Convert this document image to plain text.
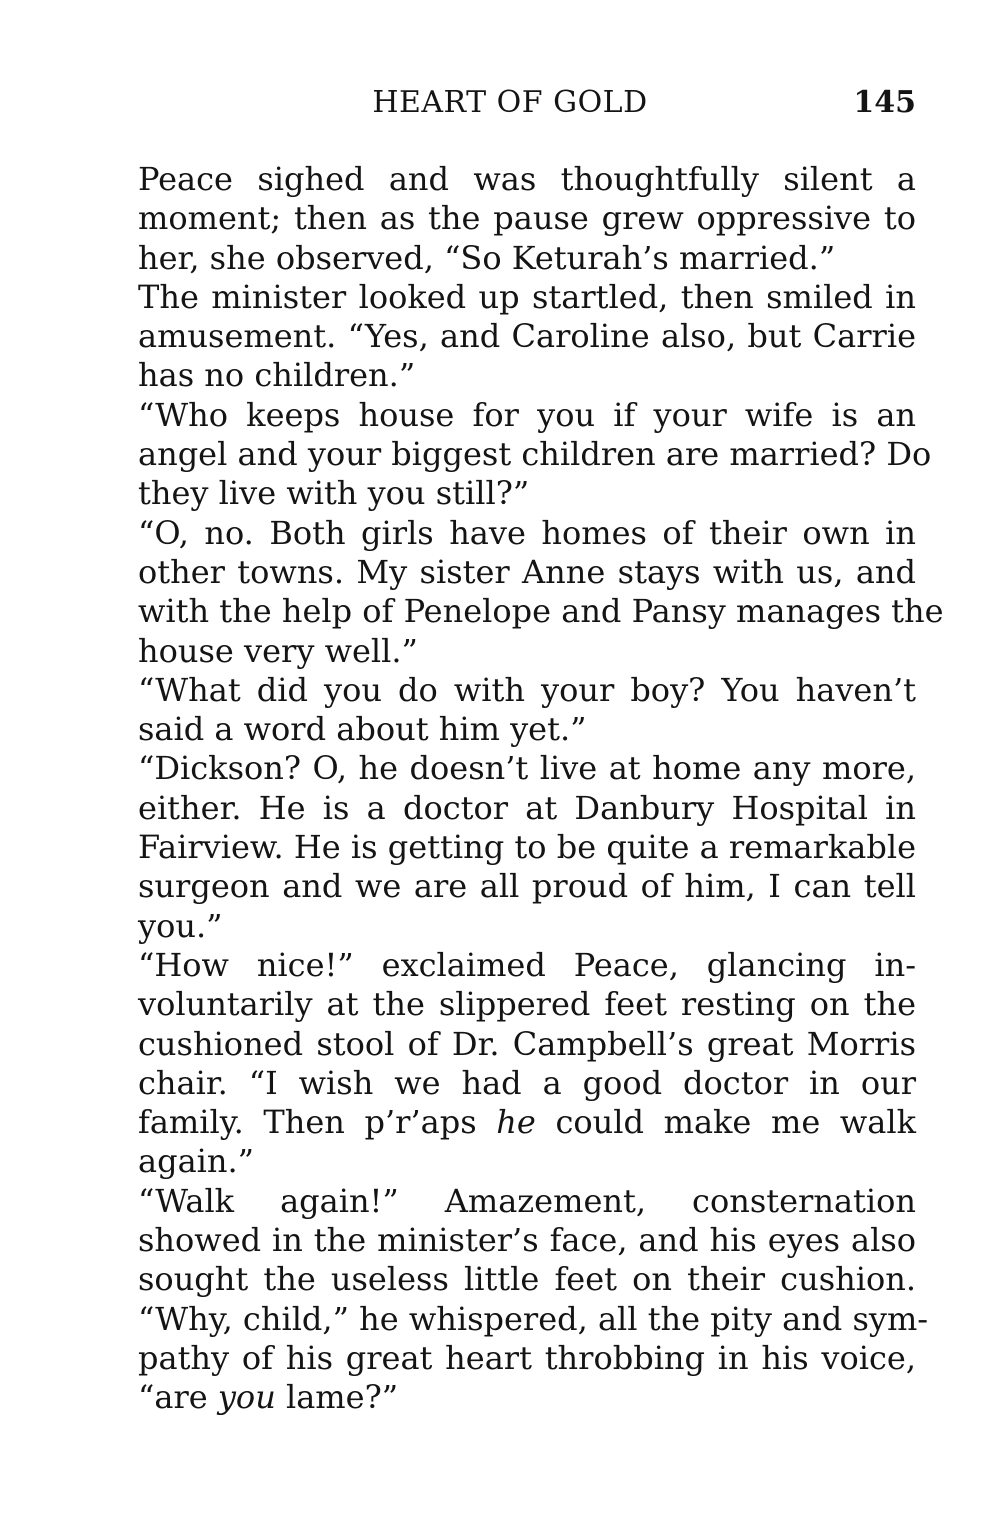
HEART OF GOLD	145

Peace sighed and was thoughtfully silent a
moment; then as the pause grew oppressive to
her, she observed, “So Keturah’s married.”

The minister looked up startled, then smiled in
amusement. “Yes, and Caroline also, but Carrie
has no children.”

“Who keeps house for you if your wife is an
angel and your biggest children are married? Do
they live with you still?”

“O, no. Both girls have homes of their own in
other towns. My sister Anne stays with us, and
with the help of Penelope and Pansy manages the
house very well.”

“What did you do with your boy? You haven’t
said a word about him yet.”

“Dickson? O, he doesn’t live at home any more,
either. He is a doctor at Danbury Hospital in
Fairview. He is getting to be quite a remarkable
surgeon and we are all proud of him, I can tell
you.”

“How nice!” exclaimed Peace, glancing in-
voluntarily at the slippered feet resting on the
cushioned stool of Dr. Campbell’s great Morris
chair. “I wish we had a good doctor in our
family. Then p’r’aps he could make me walk
again.”

“Walk again!” Amazement, consternation
showed in the minister’s face, and his eyes also
sought the useless little feet on their cushion.
“Why, child,” he whispered, all the pity and sym-
pathy of his great heart throbbing in his voice,
“are you lame?”
